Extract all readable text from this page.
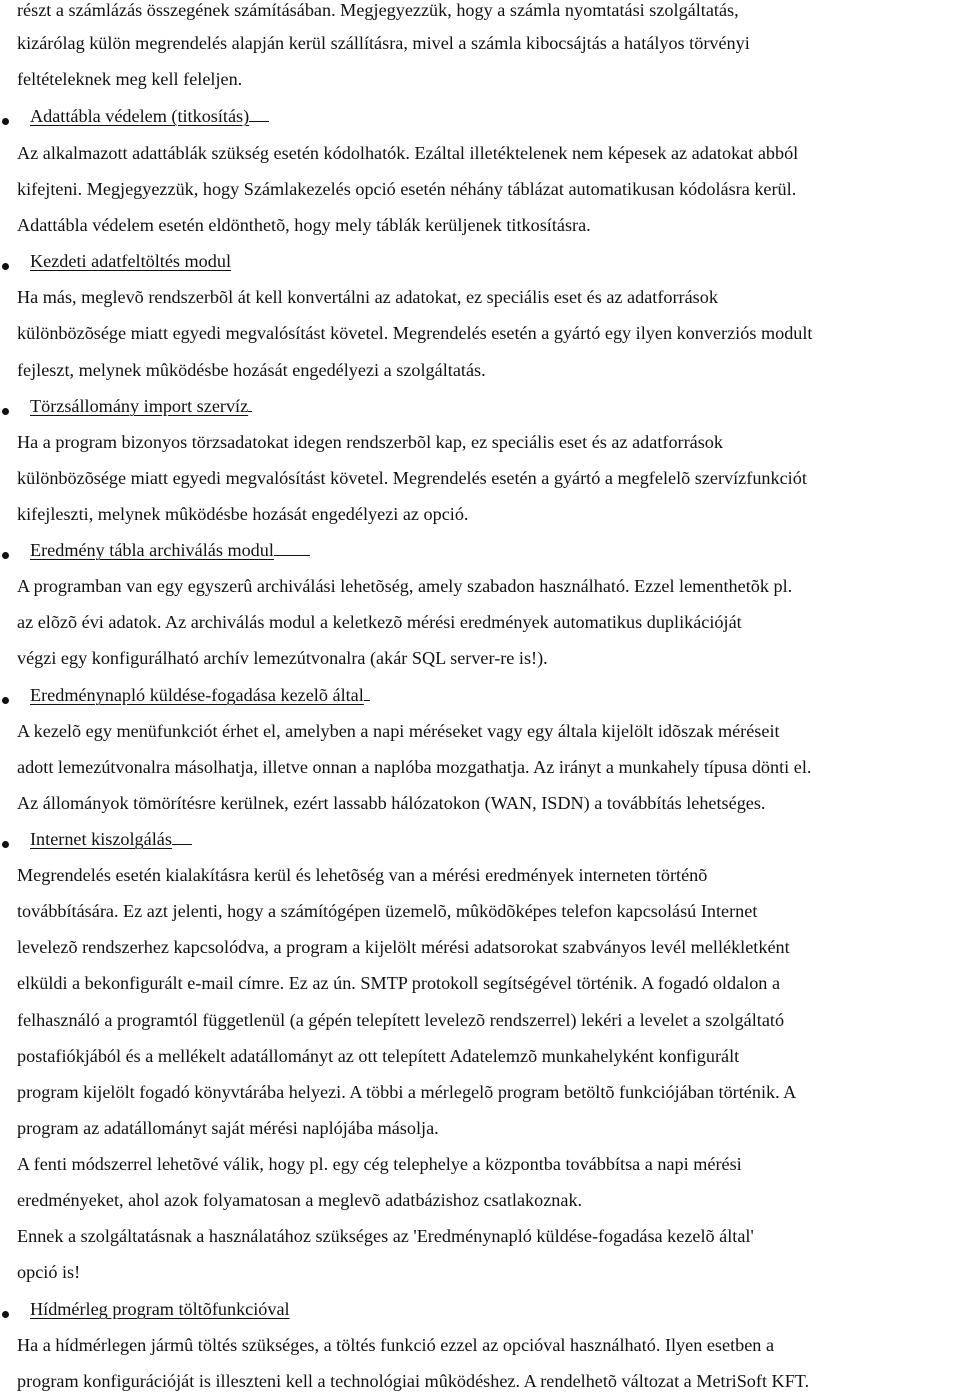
részt a számlázás összegének számításában. Megjegyezzük, hogy a számla nyomtatási szolgáltatás,
kizárólag külön megrendelés alapján kerül szállításra, mivel a számla kibocsájtás a hatályos törvényi
feltételeknek meg kell feleljen.
Adattábla védelem (titkosítás)
Az alkalmazott adattáblák szükség esetén kódolhatók. Ezáltal illetéktelenek nem képesek az adatokat abból
kifejteni. Megjegyezzük, hogy Számlakezelés opció esetén néhány táblázat automatikusan kódolásra kerül.
Adattábla védelem esetén eldönthetõ, hogy mely táblák kerüljenek titkosításra.
Kezdeti adatfeltöltés modul
Ha más, meglevõ rendszerbõl át kell konvertálni az adatokat, ez speciális eset és az adatforrások
különbözõsége miatt egyedi megvalósítást követel. Megrendelés esetén a gyártó egy ilyen konverziós modult
fejleszt, melynek mûködésbe hozását engedélyezi a szolgáltatás.
Törzsállomány import szervíz
Ha a program bizonyos törzsadatokat idegen rendszerbõl kap, ez speciális eset és az adatforrások
különbözõsége miatt egyedi megvalósítást követel. Megrendelés esetén a gyártó a megfelelõ szervízfunkciót
kifejleszti, melynek mûködésbe hozását engedélyezi az opció.
Eredmény tábla archiválás modul
A programban van egy egyszerû archiválási lehetõség, amely szabadon használható. Ezzel lementhetõk pl.
az elõzõ évi adatok. Az archiválás modul a keletkezõ mérési eredmények automatikus duplikációját
végzi egy konfigurálható archív lemezútvonalra (akár SQL server-re is!).
Eredménynapló küldése-fogadása kezelõ által
A kezelõ egy menüfunkciót érhet el, amelyben a napi méréseket vagy egy általa kijelölt idõszak méréseit
adott lemezútvonalra másolhatja, illetve onnan a naplóba mozgathatja. Az irányt a munkahely típusa dönti el.
Az állományok tömörítésre kerülnek, ezért lassabb hálózatokon (WAN, ISDN) a továbbítás lehetséges.
Internet kiszolgálás
Megrendelés esetén kialakításra kerül és lehetõség van a mérési eredmények interneten történõ
továbbítására. Ez azt jelenti, hogy a számítógépen üzemelõ, mûködõképes telefon kapcsolású Internet
levelezõ rendszerhez kapcsolódva, a program a kijelölt mérési adatsorokat szabványos levél mellékletként
elküldi a bekonfigurált e-mail címre. Ez az ún. SMTP protokoll segítségével történik. A fogadó oldalon a
felhasználó a programtól függetlenül (a gépén telepített levelezõ rendszerrel) lekéri a levelet a szolgáltató
postafiókjából és a mellékelt adatállományt az ott telepített Adatelemzõ munkahelyként konfigurált
program kijelölt fogadó könyvtárába helyezi. A többi a mérlegelõ program betöltõ funkciójában történik. A
program az adatállományt saját mérési naplójába másolja.
A fenti módszerrel lehetõvé válik, hogy pl. egy cég telephelye a központba továbbítsa a napi mérési
eredményeket, ahol azok folyamatosan a meglevõ adatbázishoz csatlakoznak.
Ennek a szolgáltatásnak a használatához szükséges az 'Eredménynapló küldése-fogadása kezelõ által'
opció is!
Hídmérleg program töltõfunkcióval
Ha a hídmérlegen jármû töltés szükséges, a töltés funkció ezzel az opcióval használható. Ilyen esetben a
program konfigurációját is illeszteni kell a technológiai mûködéshez. A rendelhetõ változat a MetriSoft KFT.
